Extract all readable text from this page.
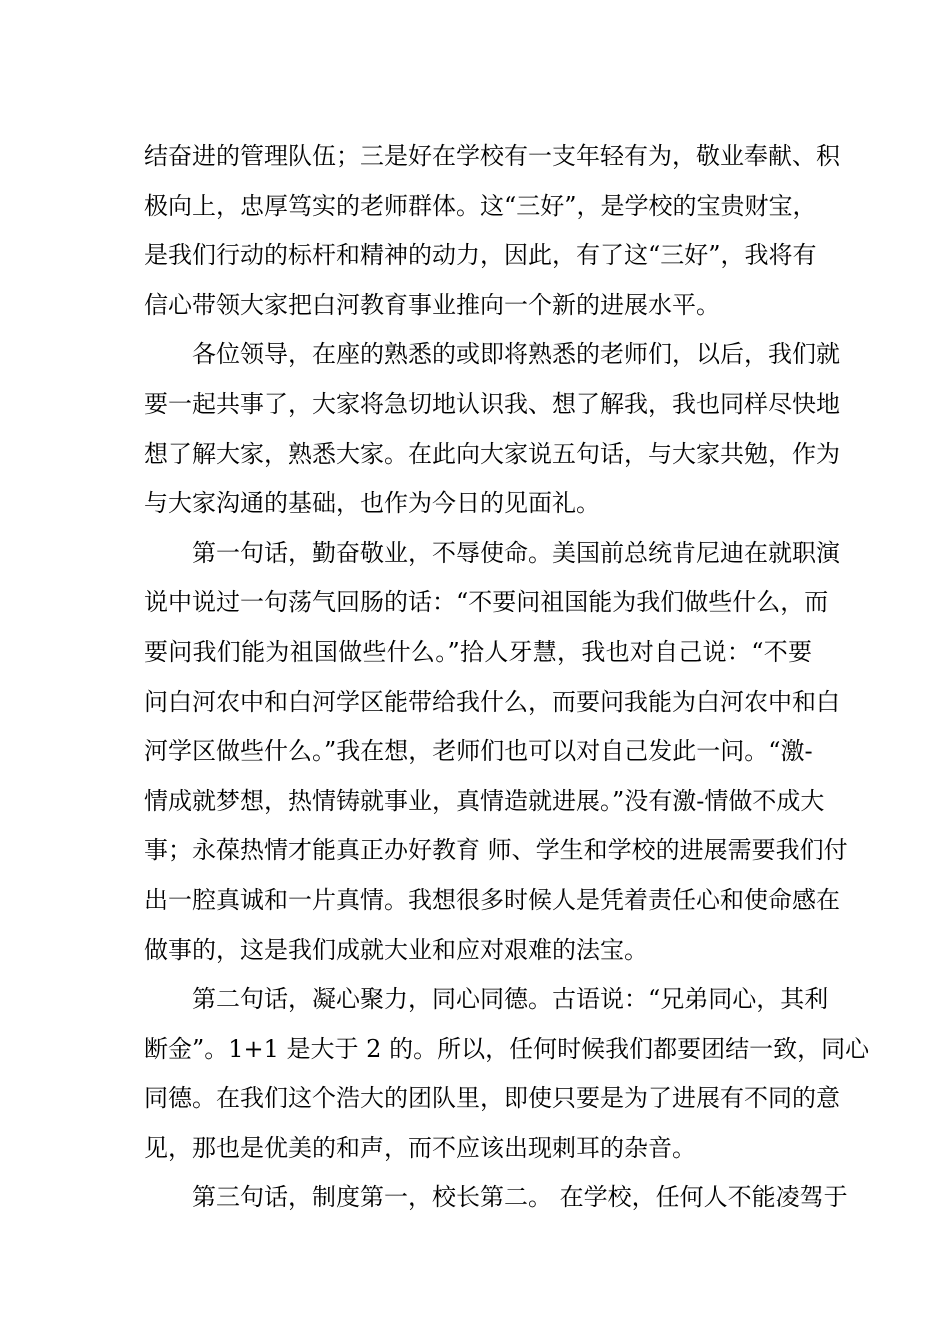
结奋进的管理队伍；三是好在学校有一支年轻有为，敬业奉献、积
极向上，忠厚笃实的老师群体。这“三好”，是学校的宝贵财宝，
是我们行动的标杆和精神的动力，因此，有了这“三好”，我将有
信心带领大家把白河教育事业推向一个新的进展水平。
各位领导，在座的熟悉的或即将熟悉的老师们，以后，我们就
要一起共事了，大家将急切地认识我、想了解我，我也同样尽快地
想了解大家，熟悉大家。在此向大家说五句话，与大家共勉，作为
与大家沟通的基础，也作为今日的见面礼。
第一句话，勤奋敬业，不辱使命。美国前总统肯尼迪在就职演
说中说过一句荡气回肠的话：“不要问祖国能为我们做些什么，而
要问我们能为祖国做些什么。”拾人牙慧，我也对自己说：“不要
问白河农中和白河学区能带给我什么，而要问我能为白河农中和白
河学区做些什么。”我在想，老师们也可以对自己发此一问。“激-
情成就梦想，热情铸就事业，真情造就进展。”没有激-情做不成大
事；永葆热情才能真正办好教育 师、学生和学校的进展需要我们付
出一腔真诚和一片真情。我想很多时候人是凭着责任心和使命感在
做事的，这是我们成就大业和应对艰难的法宝。
第二句话，凝心聚力，同心同德。古语说：“兄弟同心，其利
断金”。1+1 是大于 2 的。所以，任何时候我们都要团结一致，同心
同德。在我们这个浩大的团队里，即使只要是为了进展有不同的意
见，那也是优美的和声，而不应该出现刺耳的杂音。
第三句话，制度第一，校长第二。 在学校，任何人不能凌驾于
